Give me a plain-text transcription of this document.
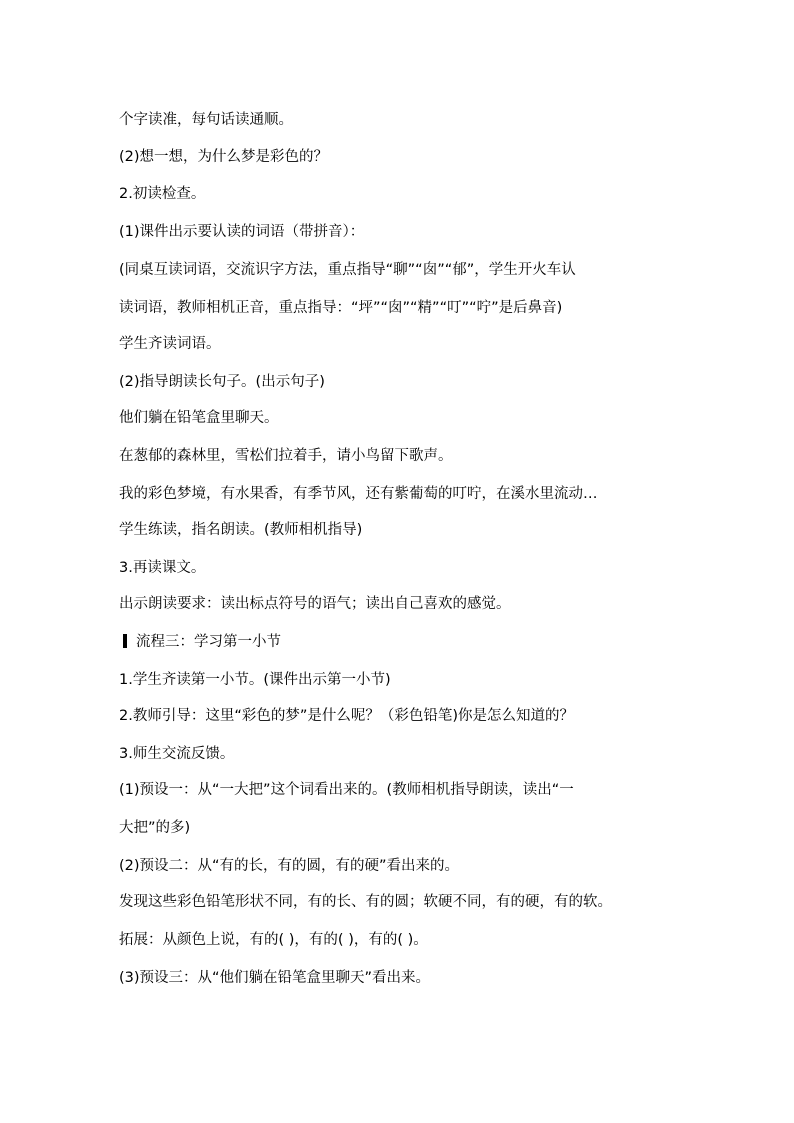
个字读准，每句话读通顺。
(2)想一想，为什么梦是彩色的？
2.初读检查。
(1)课件出示要认读的词语（带拼音）：
(同桌互读词语，交流识字方法，重点指导“聊”“囱”“郁”，学生开火车认
读词语，教师相机正音，重点指导：“坪”“囱”“精”“叮”“咛”是后鼻音)
学生齐读词语。
(2)指导朗读长句子。(出示句子)
他们躺在铅笔盒里聊天。
在葱郁的森林里，雪松们拉着手，请小鸟留下歌声。
我的彩色梦境，有水果香，有季节风，还有紫葡萄的叮咛，在溪水里流动…
学生练读，指名朗读。(教师相机指导)
3.再读课文。
出示朗读要求：读出标点符号的语气；读出自己喜欢的感觉。
流程三：学习第一小节
1.学生齐读第一小节。(课件出示第一小节)
2.教师引导：这里“彩色的梦”是什么呢？（彩色铅笔)你是怎么知道的？
3.师生交流反馈。
(1)预设一：从“一大把”这个词看出来的。(教师相机指导朗读，读出“一
大把”的多)
(2)预设二：从“有的长，有的圆，有的硬”看出来的。
发现这些彩色铅笔形状不同，有的长、有的圆；软硬不同，有的硬，有的软。
拓展：从颜色上说，有的( )，有的( )，有的( )。
(3)预设三：从“他们躺在铅笔盒里聊天”看出来。
